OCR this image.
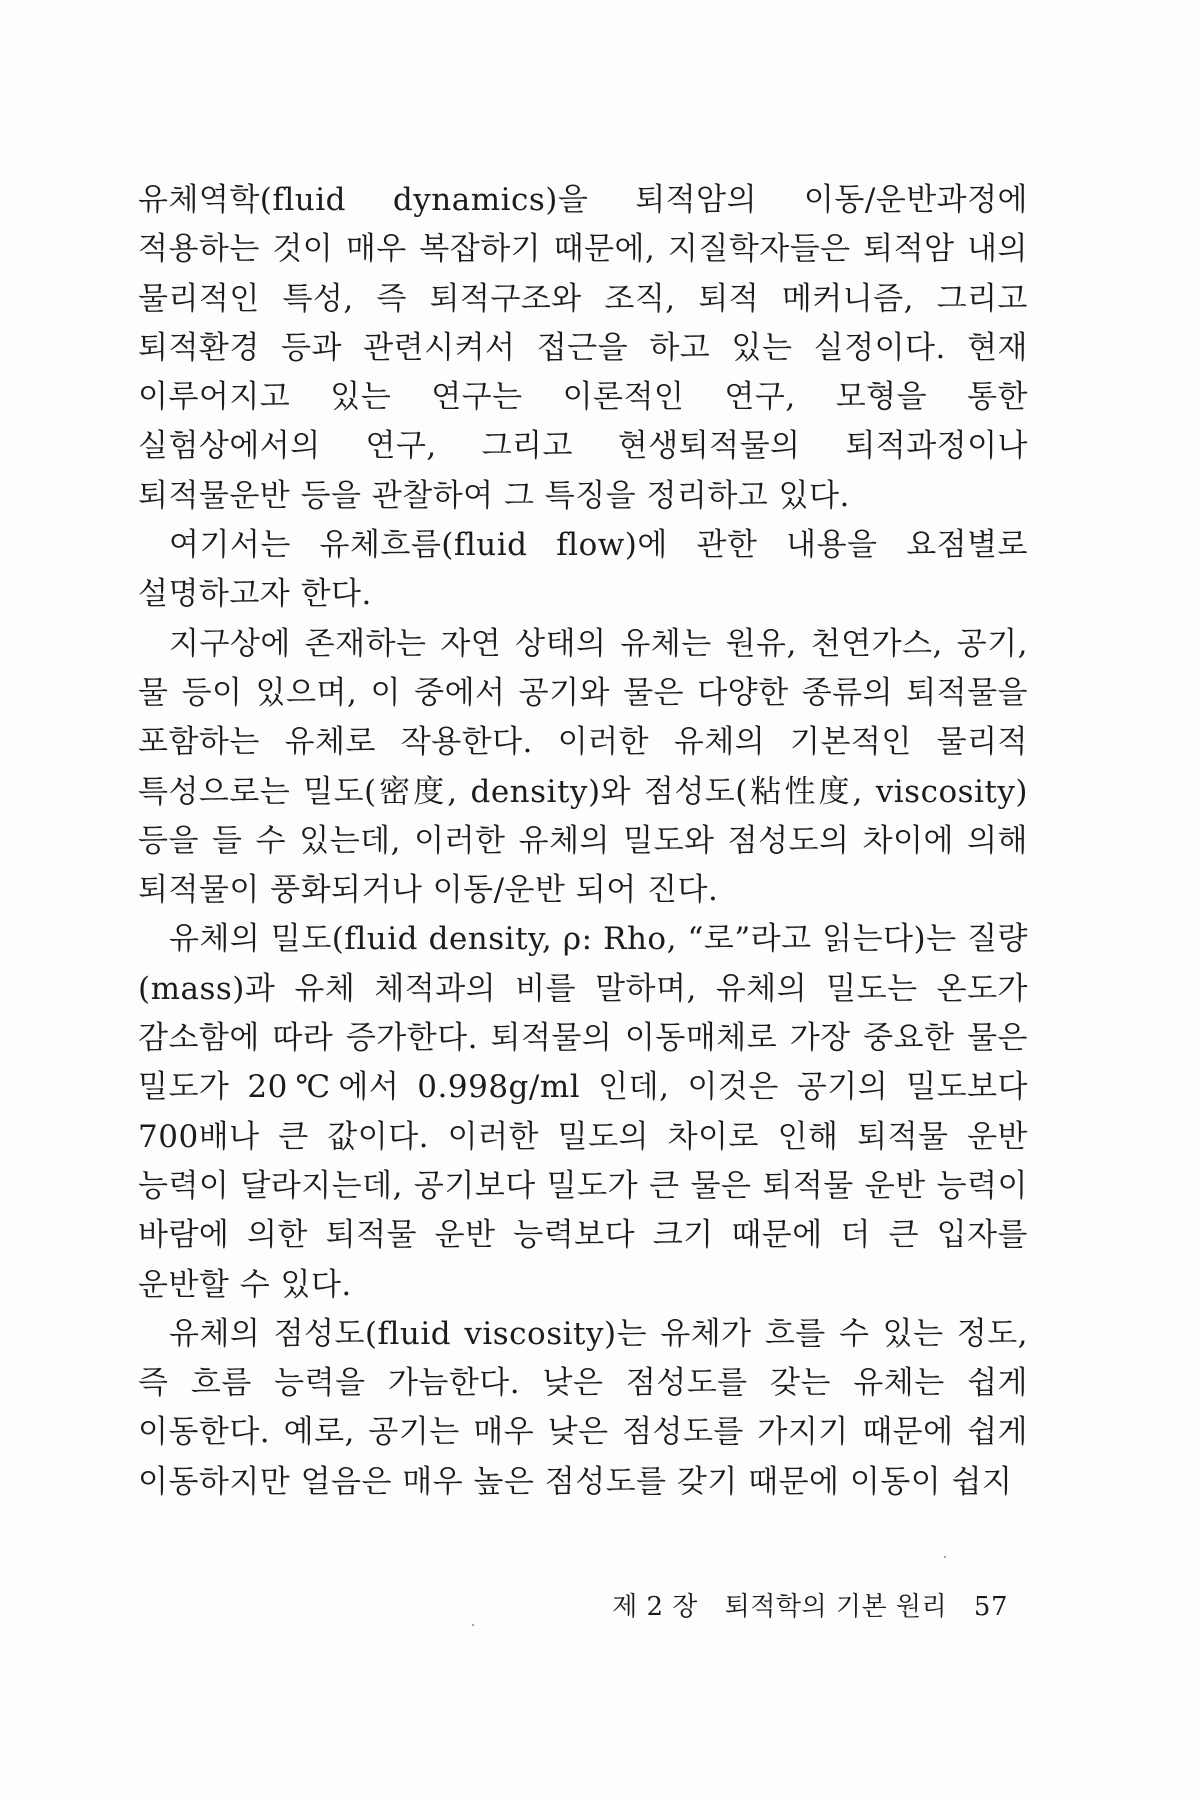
유체역학(fluid dynamics)을 퇴적암의 이동/운반과정에 적용하는 것이 매우 복잡하기 때문에, 지질학자들은 퇴적암 내의 물리적인 특성, 즉 퇴적구조와 조직, 퇴적 메커니즘, 그리고 퇴적환경 등과 관련시켜서 접근을 하고 있는 실정이다. 현재 이루어지고 있는 연구는 이론적인 연구, 모형을 통한 실험상에서의 연구, 그리고 현생퇴적물의 퇴적과정이나 퇴적물운반 등을 관찰하여 그 특징을 정리하고 있다.

여기서는 유체흐름(fluid flow)에 관한 내용을 요점별로 설명하고자 한다.

지구상에 존재하는 자연 상태의 유체는 원유, 천연가스, 공기, 물 등이 있으며, 이 중에서 공기와 물은 다양한 종류의 퇴적물을 포함하는 유체로 작용한다. 이러한 유체의 기본적인 물리적 특성으로는 밀도(密度, density)와 점성도(粘性度, viscosity) 등을 들 수 있는데, 이러한 유체의 밀도와 점성도의 차이에 의해 퇴적물이 풍화되거나 이동/운반 되어 진다.

유체의 밀도(fluid density, ρ: Rho, “로”라고 읽는다)는 질량(mass)과 유체 체적과의 비를 말하며, 유체의 밀도는 온도가 감소함에 따라 증가한다. 퇴적물의 이동매체로 가장 중요한 물은 밀도가 20℃에서 0.998g/ml 인데, 이것은 공기의 밀도보다 700배나 큰 값이다. 이러한 밀도의 차이로 인해 퇴적물 운반 능력이 달라지는데, 공기보다 밀도가 큰 물은 퇴적물 운반 능력이 바람에 의한 퇴적물 운반 능력보다 크기 때문에 더 큰 입자를 운반할 수 있다.

유체의 점성도(fluid viscosity)는 유체가 흐를 수 있는 정도, 즉 흐름 능력을 가늠한다. 낮은 점성도를 갖는 유체는 쉽게 이동한다. 예로, 공기는 매우 낮은 점성도를 가지기 때문에 쉽게 이동하지만 얼음은 매우 높은 점성도를 갖기 때문에 이동이 쉽지

제 2 장 퇴적학의 기본 원리 57
